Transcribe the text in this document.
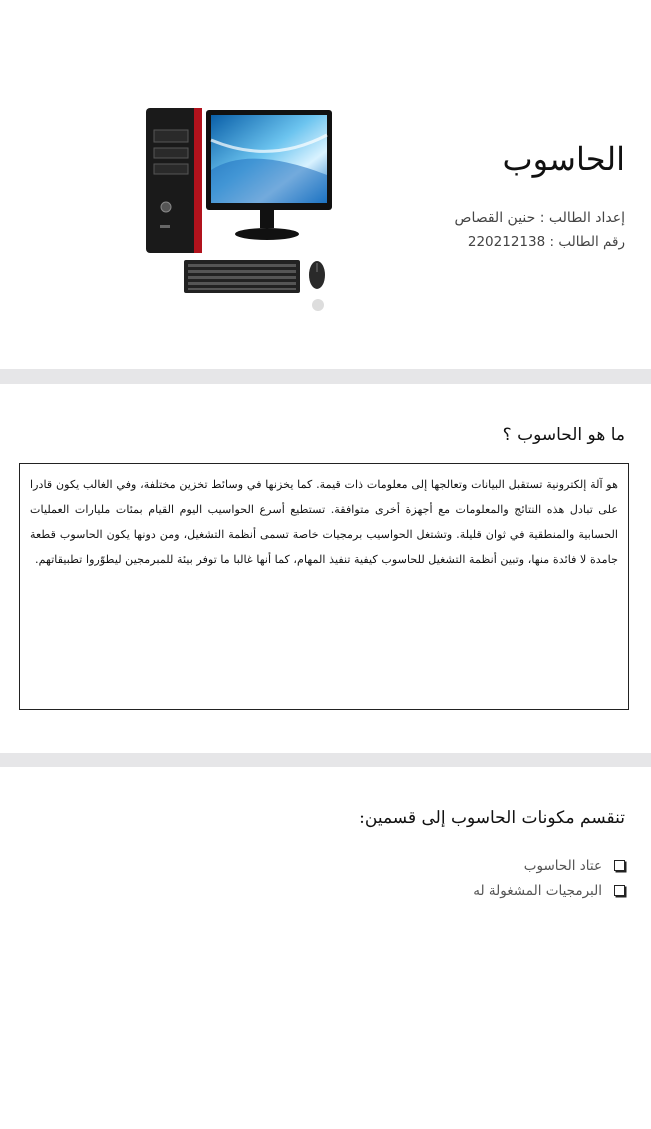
الحاسوب
إعداد الطالب : حنين القصاص
رقم الطالب : 220212138
ما هو الحاسوب ؟
هو آلة إلكترونية تستقبل البيانات وتعالجها إلى معلومات ذات قيمة. كما يخزنها في وسائط تخزين مختلفة، وفي الغالب يكون قادرا على تبادل هذه النتائج والمعلومات مع أجهزة أخرى متوافقة. تستطيع أسرع الحواسيب اليوم القيام بمئات مليارات العمليات الحسابية والمنطقية في ثوان قليلة. وتشتغل الحواسيب برمجيات خاصة تسمى أنظمة التشغيل، ومن دونها يكون الحاسوب قطعة جامدة لا فائدة منها، وتبين أنظمة التشغيل للحاسوب كيفية تنفيذ المهام، كما أنها غالبا ما توفر بيئة للمبرمجين ليطوّروا تطبيقاتهم.
تنقسم مكونات الحاسوب إلى قسمين:
عتاد الحاسوب
البرمجيات المشغولة له
